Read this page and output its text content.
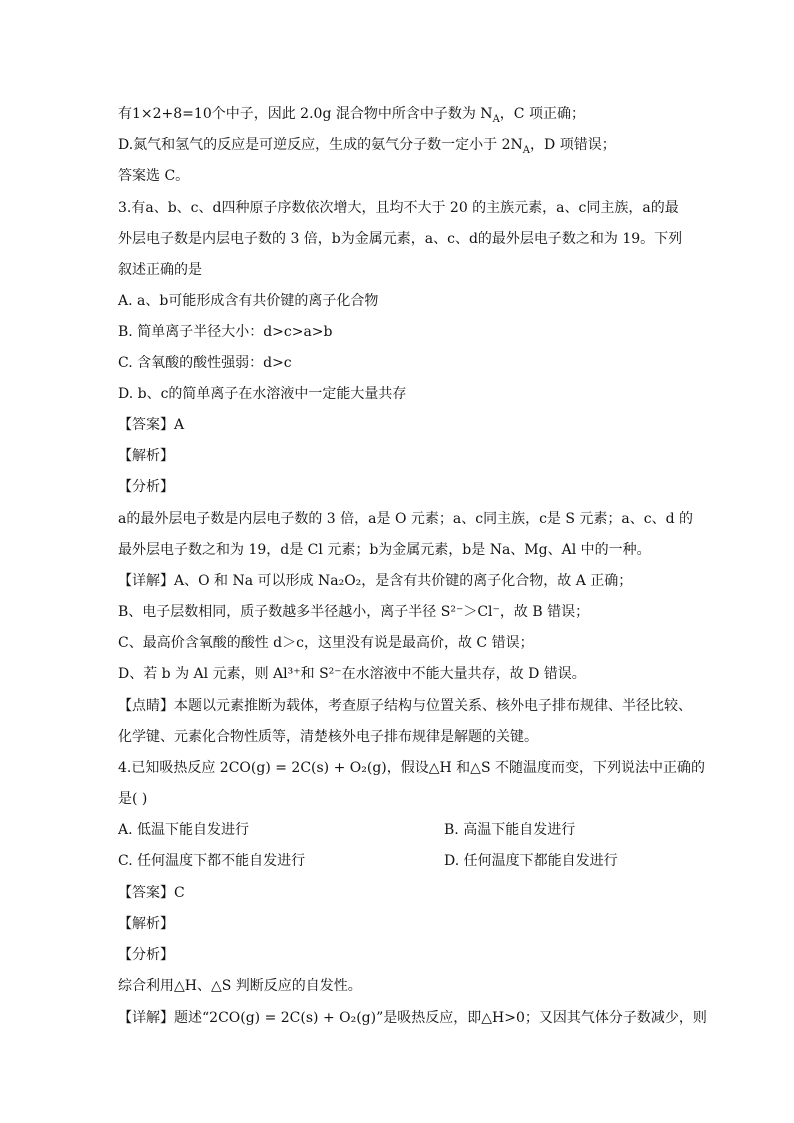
有1×2+8=10个中子，因此 2.0g 混合物中所含中子数为 $N_A$，C 项正确；
D.氮气和氢气的反应是可逆反应，生成的氨气分子数一定小于 $2N_A$，D 项错误；
答案选 C。
3.有a、b、c、d四种原子序数依次增大，且均不大于 20 的主族元素，a、c同主族，a的最
外层电子数是内层电子数的 3 倍，b为金属元素，a、c、d的最外层电子数之和为 19。下列
叙述正确的是
A. a、b可能形成含有共价键的离子化合物
B. 简单离子半径大小：d>c>a>b
C. 含氧酸的酸性强弱：d>c
D. b、c的简单离子在水溶液中一定能大量共存
【答案】A
【解析】
【分析】
a的最外层电子数是内层电子数的 3 倍，a是 O 元素；a、c同主族，c是 S 元素；a、c、d 的
最外层电子数之和为 19，d是 Cl 元素；b为金属元素，b是 Na、Mg、Al 中的一种。
【详解】A、O 和 Na 可以形成 Na₂O₂，是含有共价键的离子化合物，故 A 正确；
B、电子层数相同，质子数越多半径越小，离子半径 S²⁻＞Cl⁻，故 B 错误；
C、最高价含氧酸的酸性 d＞c，这里没有说是最高价，故 C 错误；
D、若 b 为 Al 元素，则 Al³⁺和 S²⁻在水溶液中不能大量共存，故 D 错误。
【点睛】本题以元素推断为载体，考查原子结构与位置关系、核外电子排布规律、半径比较、
化学键、元素化合物性质等，清楚核外电子排布规律是解题的关键。
4.已知吸热反应 2CO(g) = 2C(s) + O₂(g)，假设△H 和△S 不随温度而变，下列说法中正确的
是( )
A. 低温下能自发进行	B. 高温下能自发进行
C. 任何温度下都不能自发进行	D. 任何温度下都能自发进行
【答案】C
【解析】
【分析】
综合利用△H、△S 判断反应的自发性。
【详解】题述“2CO(g) = 2C(s) + O₂(g)”是吸热反应，即△H>0；又因其气体分子数减少，则
